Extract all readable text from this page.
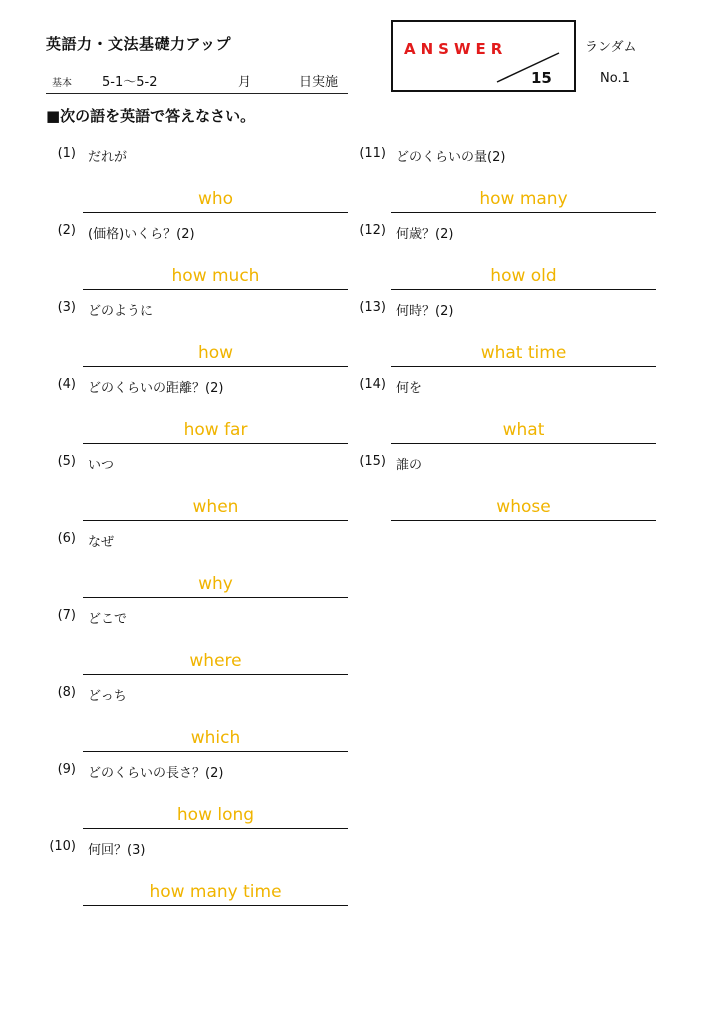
英語力・文法基礎力アップ
基本 5-1～5-2	月	日実施
ANSWER
15
ランダム
No.1
■次の語を英語で答えなさい。
(1) だれが
who
(2) (価格)いくら？(2)
how much
(3) どのように
how
(4) どのくらいの距離？(2)
how far
(5) いつ
when
(6) なぜ
why
(7) どこで
where
(8) どっち
which
(9) どのくらいの長さ？(2)
how long
(10) 何回？(3)
how many time
(11) どのくらいの量(2)
how many
(12) 何歳？(2)
how old
(13) 何時？(2)
what time
(14) 何を
what
(15) 誰の
whose
